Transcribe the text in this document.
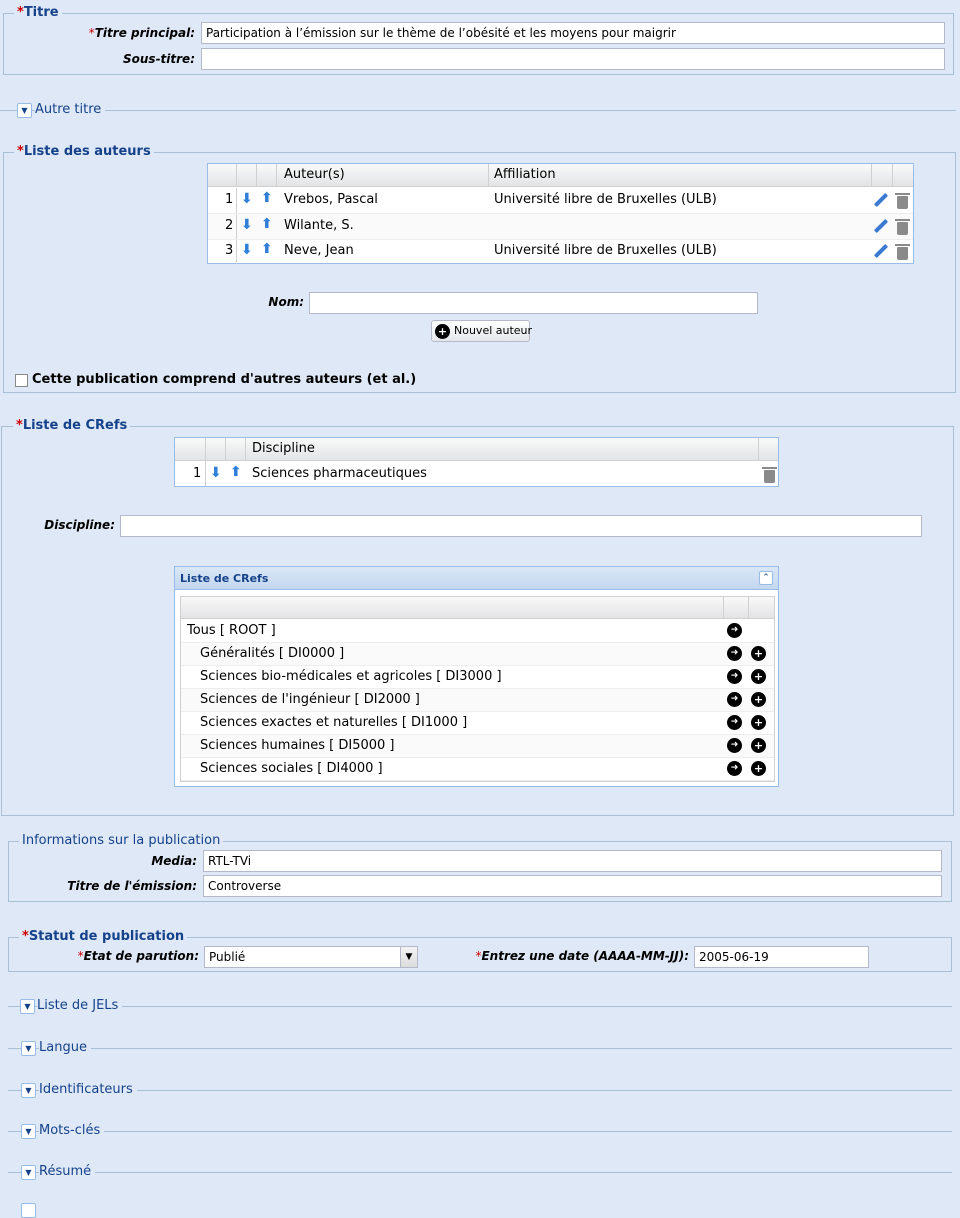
*Titre
*Titre principal: Participation à l’émission sur le thème de l’obésité et les moyens pour maigrir
Sous-titre:
▼ Autre titre
*Liste des auteurs
Auteur(s)	Affiliation
1 ⬇ ⬆ Vrebos, Pascal	Université libre de Bruxelles (ULB)
2 ⬇ ⬆ Wilante, S.
3 ⬇ ⬆ Neve, Jean	Université libre de Bruxelles (ULB)
Nom:
+ Nouvel auteur
Cette publication comprend d'autres auteurs (et al.)
*Liste de CRefs
Discipline
1 ⬇ ⬆ Sciences pharmaceutiques
Discipline:
Liste de CRefs	⌃
Tous [ ROOT ]	➜
Généralités [ DI0000 ]	➜	+
Sciences bio-médicales et agricoles [ DI3000 ]	➜	+
Sciences de l'ingénieur [ DI2000 ]	➜	+
Sciences exactes et naturelles [ DI1000 ]	➜	+
Sciences humaines [ DI5000 ]	➜	+
Sciences sociales [ DI4000 ]	➜	+
Informations sur la publication
Media: RTL-TVi
Titre de l'émission: Controverse
*Statut de publication
*Etat de parution: Publié	▼	*Entrez une date (AAAA-MM-JJ): 2005-06-19
▼ Liste de JELs
▼ Langue
▼ Identificateurs
▼ Mots-clés
▼ Résumé
